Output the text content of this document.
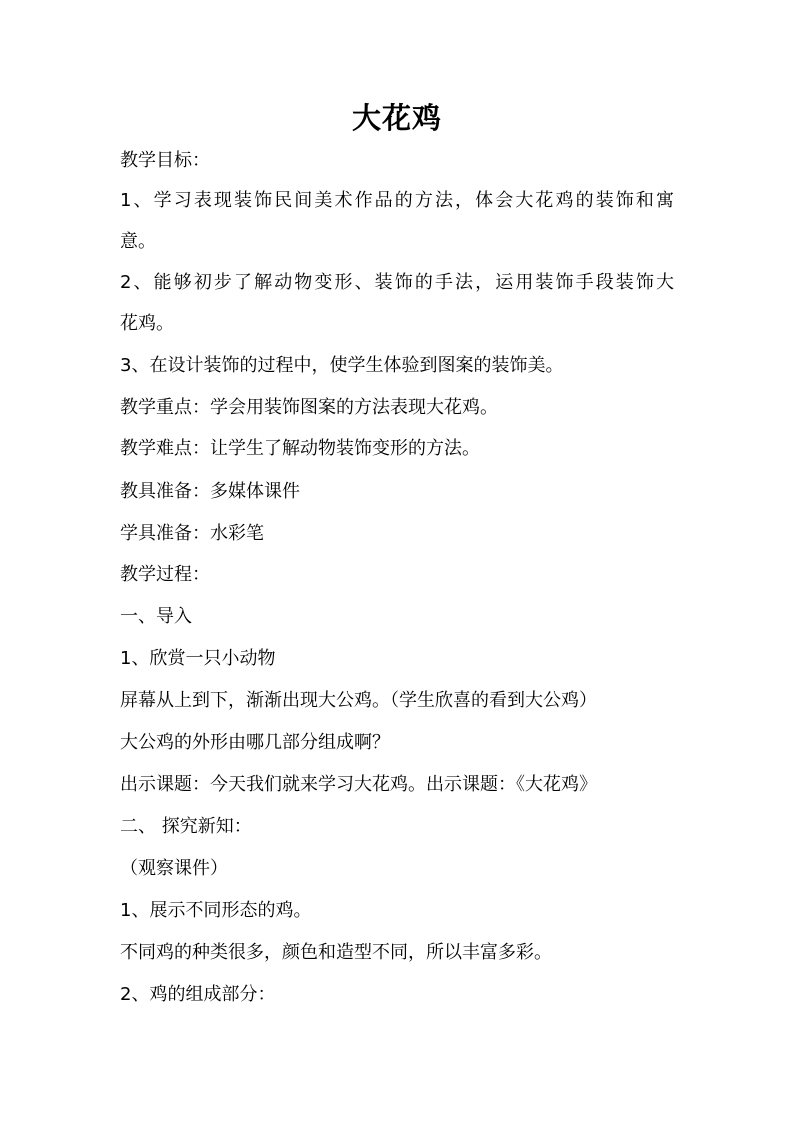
大花鸡
教学目标：
1、学习表现装饰民间美术作品的方法，体会大花鸡的装饰和寓
意。
2、能够初步了解动物变形、装饰的手法，运用装饰手段装饰大
花鸡。
3、在设计装饰的过程中，使学生体验到图案的装饰美。
教学重点：学会用装饰图案的方法表现大花鸡。
教学难点：让学生了解动物装饰变形的方法。
教具准备：多媒体课件
学具准备：水彩笔
教学过程：
一、导入
1、欣赏一只小动物
屏幕从上到下，渐渐出现大公鸡。（学生欣喜的看到大公鸡）
大公鸡的外形由哪几部分组成啊？
出示课题：今天我们就来学习大花鸡。出示课题：《大花鸡》
二、 探究新知：
（观察课件）
1、展示不同形态的鸡。
不同鸡的种类很多，颜色和造型不同，所以丰富多彩。
2、鸡的组成部分：
